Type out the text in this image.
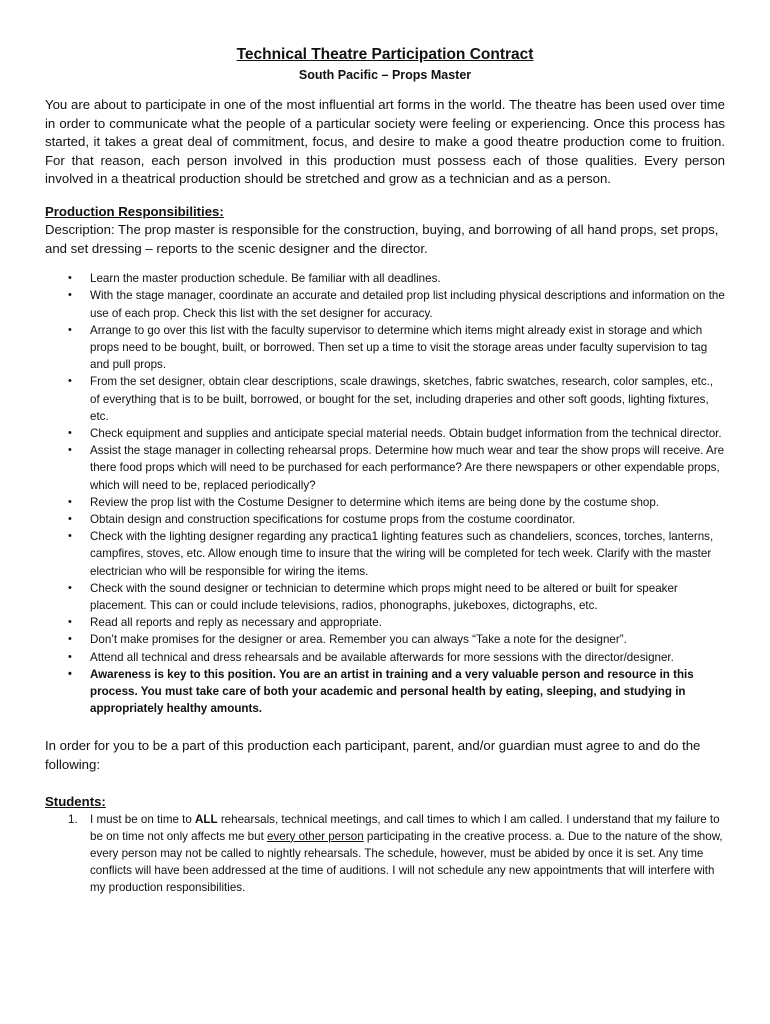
Technical Theatre Participation Contract
South Pacific – Props Master

You are about to participate in one of the most influential art forms in the world. The theatre has been used over time in order to communicate what the people of a particular society were feeling or experiencing. Once this process has started, it takes a great deal of commitment, focus, and desire to make a good theatre production come to fruition. For that reason, each person involved in this production must possess each of those qualities. Every person involved in a theatrical production should be stretched and grow as a technician and as a person.

Production Responsibilities:

Description: The prop master is responsible for the construction, buying, and borrowing of all hand props, set props, and set dressing – reports to the scenic designer and the director.

• Learn the master production schedule. Be familiar with all deadlines.
• With the stage manager, coordinate an accurate and detailed prop list including physical descriptions and information on the use of each prop. Check this list with the set designer for accuracy.
• Arrange to go over this list with the faculty supervisor to determine which items might already exist in storage and which props need to be bought, built, or borrowed. Then set up a time to visit the storage areas under faculty supervision to tag and pull props.
• From the set designer, obtain clear descriptions, scale drawings, sketches, fabric swatches, research, color samples, etc., of everything that is to be built, borrowed, or bought for the set, including draperies and other soft goods, lighting fixtures, etc.
• Check equipment and supplies and anticipate special material needs. Obtain budget information from the technical director.
• Assist the stage manager in collecting rehearsal props. Determine how much wear and tear the show props will receive. Are there food props which will need to be purchased for each performance? Are there newspapers or other expendable props, which will need to be, replaced periodically?
• Review the prop list with the Costume Designer to determine which items are being done by the costume shop.
• Obtain design and construction specifications for costume props from the costume coordinator.
• Check with the lighting designer regarding any practica1 lighting features such as chandeliers, sconces, torches, lanterns, campfires, stoves, etc. Allow enough time to insure that the wiring will be completed for tech week. Clarify with the master electrician who will be responsible for wiring the items.
• Check with the sound designer or technician to determine which props might need to be altered or built for speaker placement. This can or could include televisions, radios, phonographs, jukeboxes, dictographs, etc.
• Read all reports and reply as necessary and appropriate.
• Don’t make promises for the designer or area. Remember you can always “Take a note for the designer”.
• Attend all technical and dress rehearsals and be available afterwards for more sessions with the director/designer.
• Awareness is key to this position. You are an artist in training and a very valuable person and resource in this process. You must take care of both your academic and personal health by eating, sleeping, and studying in appropriately healthy amounts.

In order for you to be a part of this production each participant, parent, and/or guardian must agree to and do the following:

Students:
1. I must be on time to ALL rehearsals, technical meetings, and call times to which I am called. I understand that my failure to be on time not only affects me but every other person participating in the creative process. a. Due to the nature of the show, every person may not be called to nightly rehearsals. The schedule, however, must be abided by once it is set. Any time conflicts will have been addressed at the time of auditions. I will not schedule any new appointments that will interfere with my production responsibilities.
